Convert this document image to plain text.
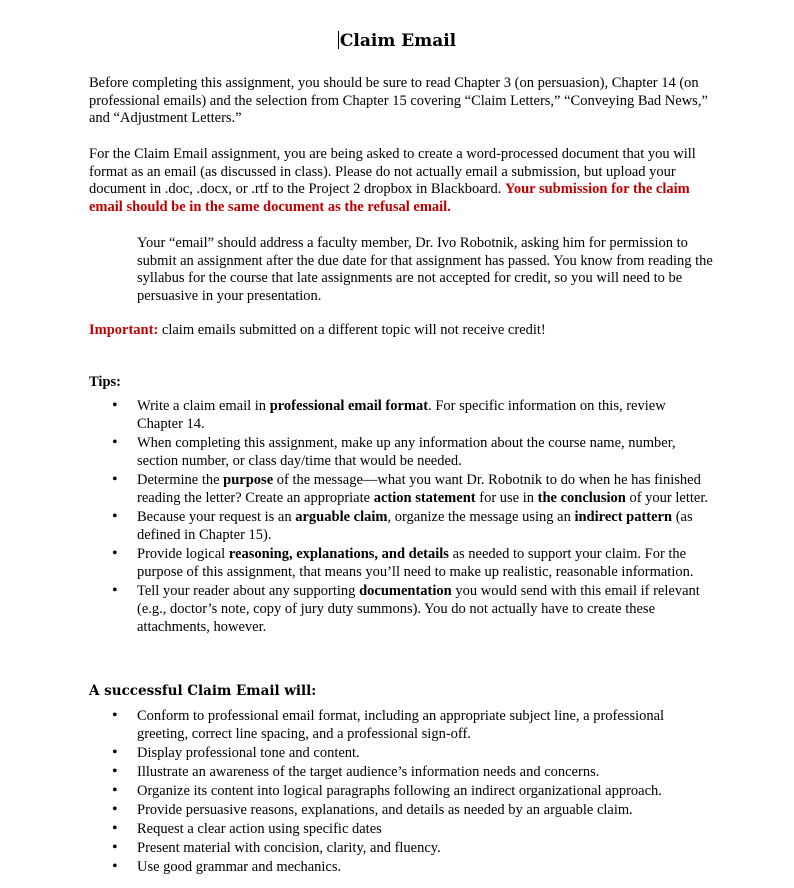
Claim Email

Before completing this assignment, you should be sure to read Chapter 3 (on persuasion), Chapter 14 (on professional emails) and the selection from Chapter 15 covering “Claim Letters,” “Conveying Bad News,” and “Adjustment Letters.”

For the Claim Email assignment, you are being asked to create a word-processed document that you will format as an email (as discussed in class). Please do not actually email a submission, but upload your document in .doc, .docx, or .rtf to the Project 2 dropbox in Blackboard. Your submission for the claim email should be in the same document as the refusal email.

Your “email” should address a faculty member, Dr. Ivo Robotnik, asking him for permission to submit an assignment after the due date for that assignment has passed. You know from reading the syllabus for the course that late assignments are not accepted for credit, so you will need to be persuasive in your presentation.

Important: claim emails submitted on a different topic will not receive credit!

Tips:

• Write a claim email in professional email format. For specific information on this, review Chapter 14.
• When completing this assignment, make up any information about the course name, number, section number, or class day/time that would be needed.
• Determine the purpose of the message—what you want Dr. Robotnik to do when he has finished reading the letter? Create an appropriate action statement for use in the conclusion of your letter.
• Because your request is an arguable claim, organize the message using an indirect pattern (as defined in Chapter 15).
• Provide logical reasoning, explanations, and details as needed to support your claim. For the purpose of this assignment, that means you’ll need to make up realistic, reasonable information.
• Tell your reader about any supporting documentation you would send with this email if relevant (e.g., doctor’s note, copy of jury duty summons). You do not actually have to create these attachments, however.

A successful Claim Email will:

• Conform to professional email format, including an appropriate subject line, a professional greeting, correct line spacing, and a professional sign-off.
• Display professional tone and content.
• Illustrate an awareness of the target audience’s information needs and concerns.
• Organize its content into logical paragraphs following an indirect organizational approach.
• Provide persuasive reasons, explanations, and details as needed by an arguable claim.
• Request a clear action using specific dates
• Present material with concision, clarity, and fluency.
• Use good grammar and mechanics.
